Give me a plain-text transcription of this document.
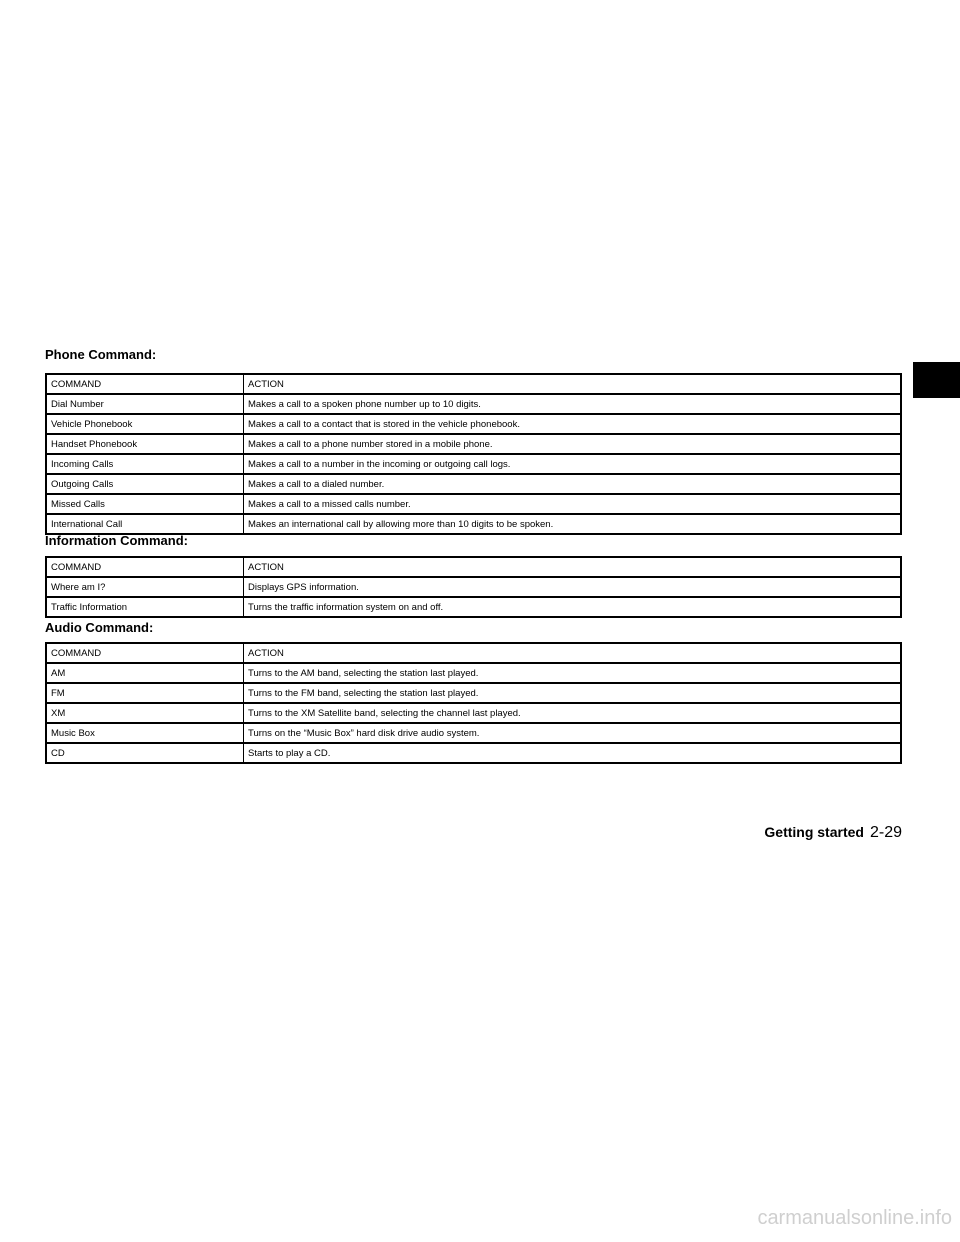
Phone Command:
COMMAND	ACTION
Dial Number	Makes a call to a spoken phone number up to 10 digits.
Vehicle Phonebook	Makes a call to a contact that is stored in the vehicle phonebook.
Handset Phonebook	Makes a call to a phone number stored in a mobile phone.
Incoming Calls	Makes a call to a number in the incoming or outgoing call logs.
Outgoing Calls	Makes a call to a dialed number.
Missed Calls	Makes a call to a missed calls number.
International Call	Makes an international call by allowing more than 10 digits to be spoken.
Information Command:
COMMAND	ACTION
Where am I?	Displays GPS information.
Traffic Information	Turns the traffic information system on and off.
Audio Command:
COMMAND	ACTION
AM	Turns to the AM band, selecting the station last played.
FM	Turns to the FM band, selecting the station last played.
XM	Turns to the XM Satellite band, selecting the channel last played.
Music Box	Turns on the “Music Box” hard disk drive audio system.
CD	Starts to play a CD.
Getting started 2-29
carmanualsonline.info
